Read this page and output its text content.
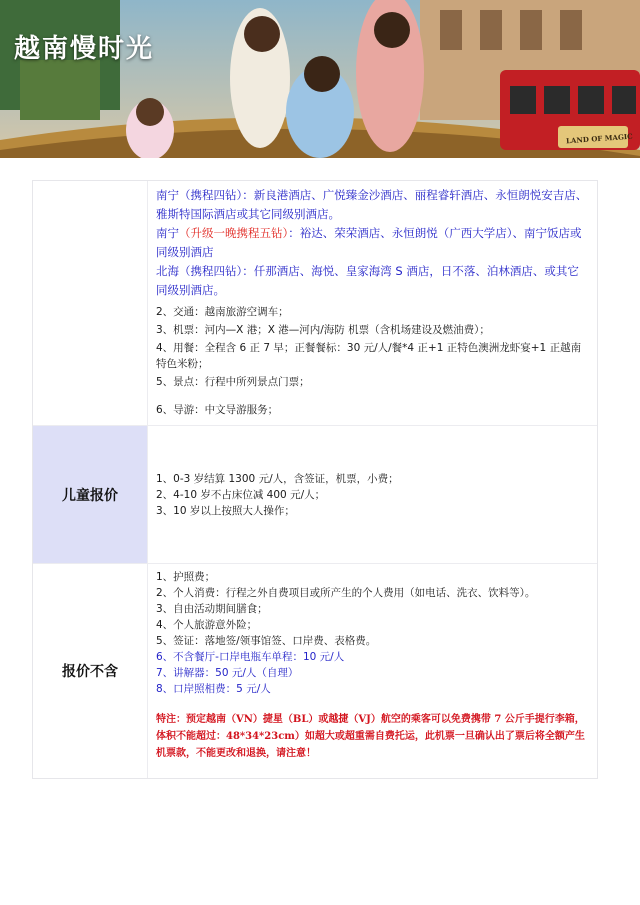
越南慢时光
LAND OF MAGIC
南宁（携程四钻）：新良港酒店、广悦臻金沙酒店、丽程睿轩酒店、永恒朗悦安吉店、雅斯特国际酒店或其它同级别酒店。
南宁（升级一晚携程五钻）：裕达、荣荣酒店、永恒朗悦（广西大学店）、南宁饭店或同级别酒店
北海（携程四钻）：仟那酒店、海悦、皇家海湾 S 酒店，日不落、泊林酒店、或其它同级别酒店。
2、交通：越南旅游空调车；
3、机票：河内—X 港；X 港—河内/海防 机票（含机场建设及燃油费）；
4、用餐：全程含 6 正 7 早；正餐餐标：30 元/人/餐*4 正+1 正特色澳洲龙虾宴+1 正越南特色米粉；
5、景点：行程中所列景点门票；
6、导游：中文导游服务；
儿童报价
1、0-3 岁结算 1300 元/人，含签证，机票，小费；
2、4-10 岁不占床位减 400 元/人；
3、10 岁以上按照大人操作；
报价不含
1、护照费；
2、个人消费：行程之外自费项目或所产生的个人费用（如电话、洗衣、饮料等）。
3、自由活动期间膳食；
4、个人旅游意外险；
5、签证：落地签/领事馆签、口岸费、表格费。
6、不含餐厅-口岸电瓶车单程：10 元/人
7、讲解器：50 元/人（自理）
8、口岸照相费：5 元/人
特注：预定越南（VN）捷星（BL）或越捷（VJ）航空的乘客可以免费携带 7 公斤手提行李箱，体积不能超过：48*34*23cm）如超大或超重需自费托运，此机票一旦确认出了票后将全额产生机票款，不能更改和退换，请注意！
